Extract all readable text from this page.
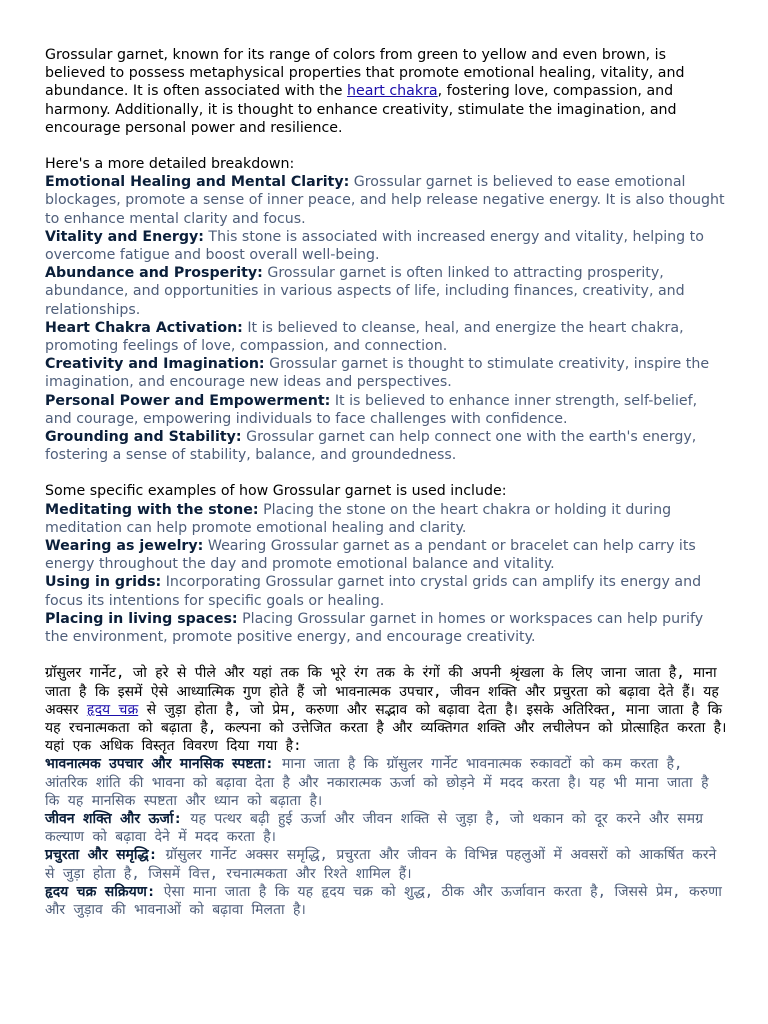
Grossular garnet, known for its range of colors from green to yellow and even brown, is believed to possess metaphysical properties that promote emotional healing, vitality, and abundance. It is often associated with the heart chakra, fostering love, compassion, and harmony. Additionally, it is thought to enhance creativity, stimulate the imagination, and encourage personal power and resilience.

Here's a more detailed breakdown:

Emotional Healing and Mental Clarity: Grossular garnet is believed to ease emotional blockages, promote a sense of inner peace, and help release negative energy. It is also thought to enhance mental clarity and focus.

Vitality and Energy: This stone is associated with increased energy and vitality, helping to overcome fatigue and boost overall well-being.

Abundance and Prosperity: Grossular garnet is often linked to attracting prosperity, abundance, and opportunities in various aspects of life, including finances, creativity, and relationships.

Heart Chakra Activation: It is believed to cleanse, heal, and energize the heart chakra, promoting feelings of love, compassion, and connection.

Creativity and Imagination: Grossular garnet is thought to stimulate creativity, inspire the imagination, and encourage new ideas and perspectives.

Personal Power and Empowerment: It is believed to enhance inner strength, self-belief, and courage, empowering individuals to face challenges with confidence.

Grounding and Stability: Grossular garnet can help connect one with the earth's energy, fostering a sense of stability, balance, and groundedness.

Some specific examples of how Grossular garnet is used include:

Meditating with the stone: Placing the stone on the heart chakra or holding it during meditation can help promote emotional healing and clarity.

Wearing as jewelry: Wearing Grossular garnet as a pendant or bracelet can help carry its energy throughout the day and promote emotional balance and vitality.

Using in grids: Incorporating Grossular garnet into crystal grids can amplify its energy and focus its intentions for specific goals or healing.

Placing in living spaces: Placing Grossular garnet in homes or workspaces can help purify the environment, promote positive energy, and encourage creativity.

ग्रॉसुलर गार्नेट, जो हरे से पीले और यहां तक कि भूरे रंग तक के रंगों की अपनी श्रृंखला के लिए जाना जाता है, माना जाता है कि इसमें ऐसे आध्यात्मिक गुण होते हैं जो भावनात्मक उपचार, जीवन शक्ति और प्रचुरता को बढ़ावा देते हैं। यह अक्सर हृदय चक्र से जुड़ा होता है, जो प्रेम, करुणा और सद्भाव को बढ़ावा देता है। इसके अतिरिक्त, माना जाता है कि यह रचनात्मकता को बढ़ाता है, कल्पना को उत्तेजित करता है और व्यक्तिगत शक्ति और लचीलेपन को प्रोत्साहित करता है।

यहां एक अधिक विस्तृत विवरण दिया गया है:

भावनात्मक उपचार और मानसिक स्पष्टता: माना जाता है कि ग्रॉसुलर गार्नेट भावनात्मक रुकावटों को कम करता है, आंतरिक शांति की भावना को बढ़ावा देता है और नकारात्मक ऊर्जा को छोड़ने में मदद करता है। यह भी माना जाता है कि यह मानसिक स्पष्टता और ध्यान को बढ़ाता है।

जीवन शक्ति और ऊर्जा: यह पत्थर बढ़ी हुई ऊर्जा और जीवन शक्ति से जुड़ा है, जो थकान को दूर करने और समग्र कल्याण को बढ़ावा देने में मदद करता है।

प्रचुरता और समृद्धि: ग्रॉसुलर गार्नेट अक्सर समृद्धि, प्रचुरता और जीवन के विभिन्न पहलुओं में अवसरों को आकर्षित करने से जुड़ा होता है, जिसमें वित्त, रचनात्मकता और रिश्ते शामिल हैं।

हृदय चक्र सक्रियण: ऐसा माना जाता है कि यह हृदय चक्र को शुद्ध, ठीक और ऊर्जावान करता है, जिससे प्रेम, करुणा और जुड़ाव की भावनाओं को बढ़ावा मिलता है।
